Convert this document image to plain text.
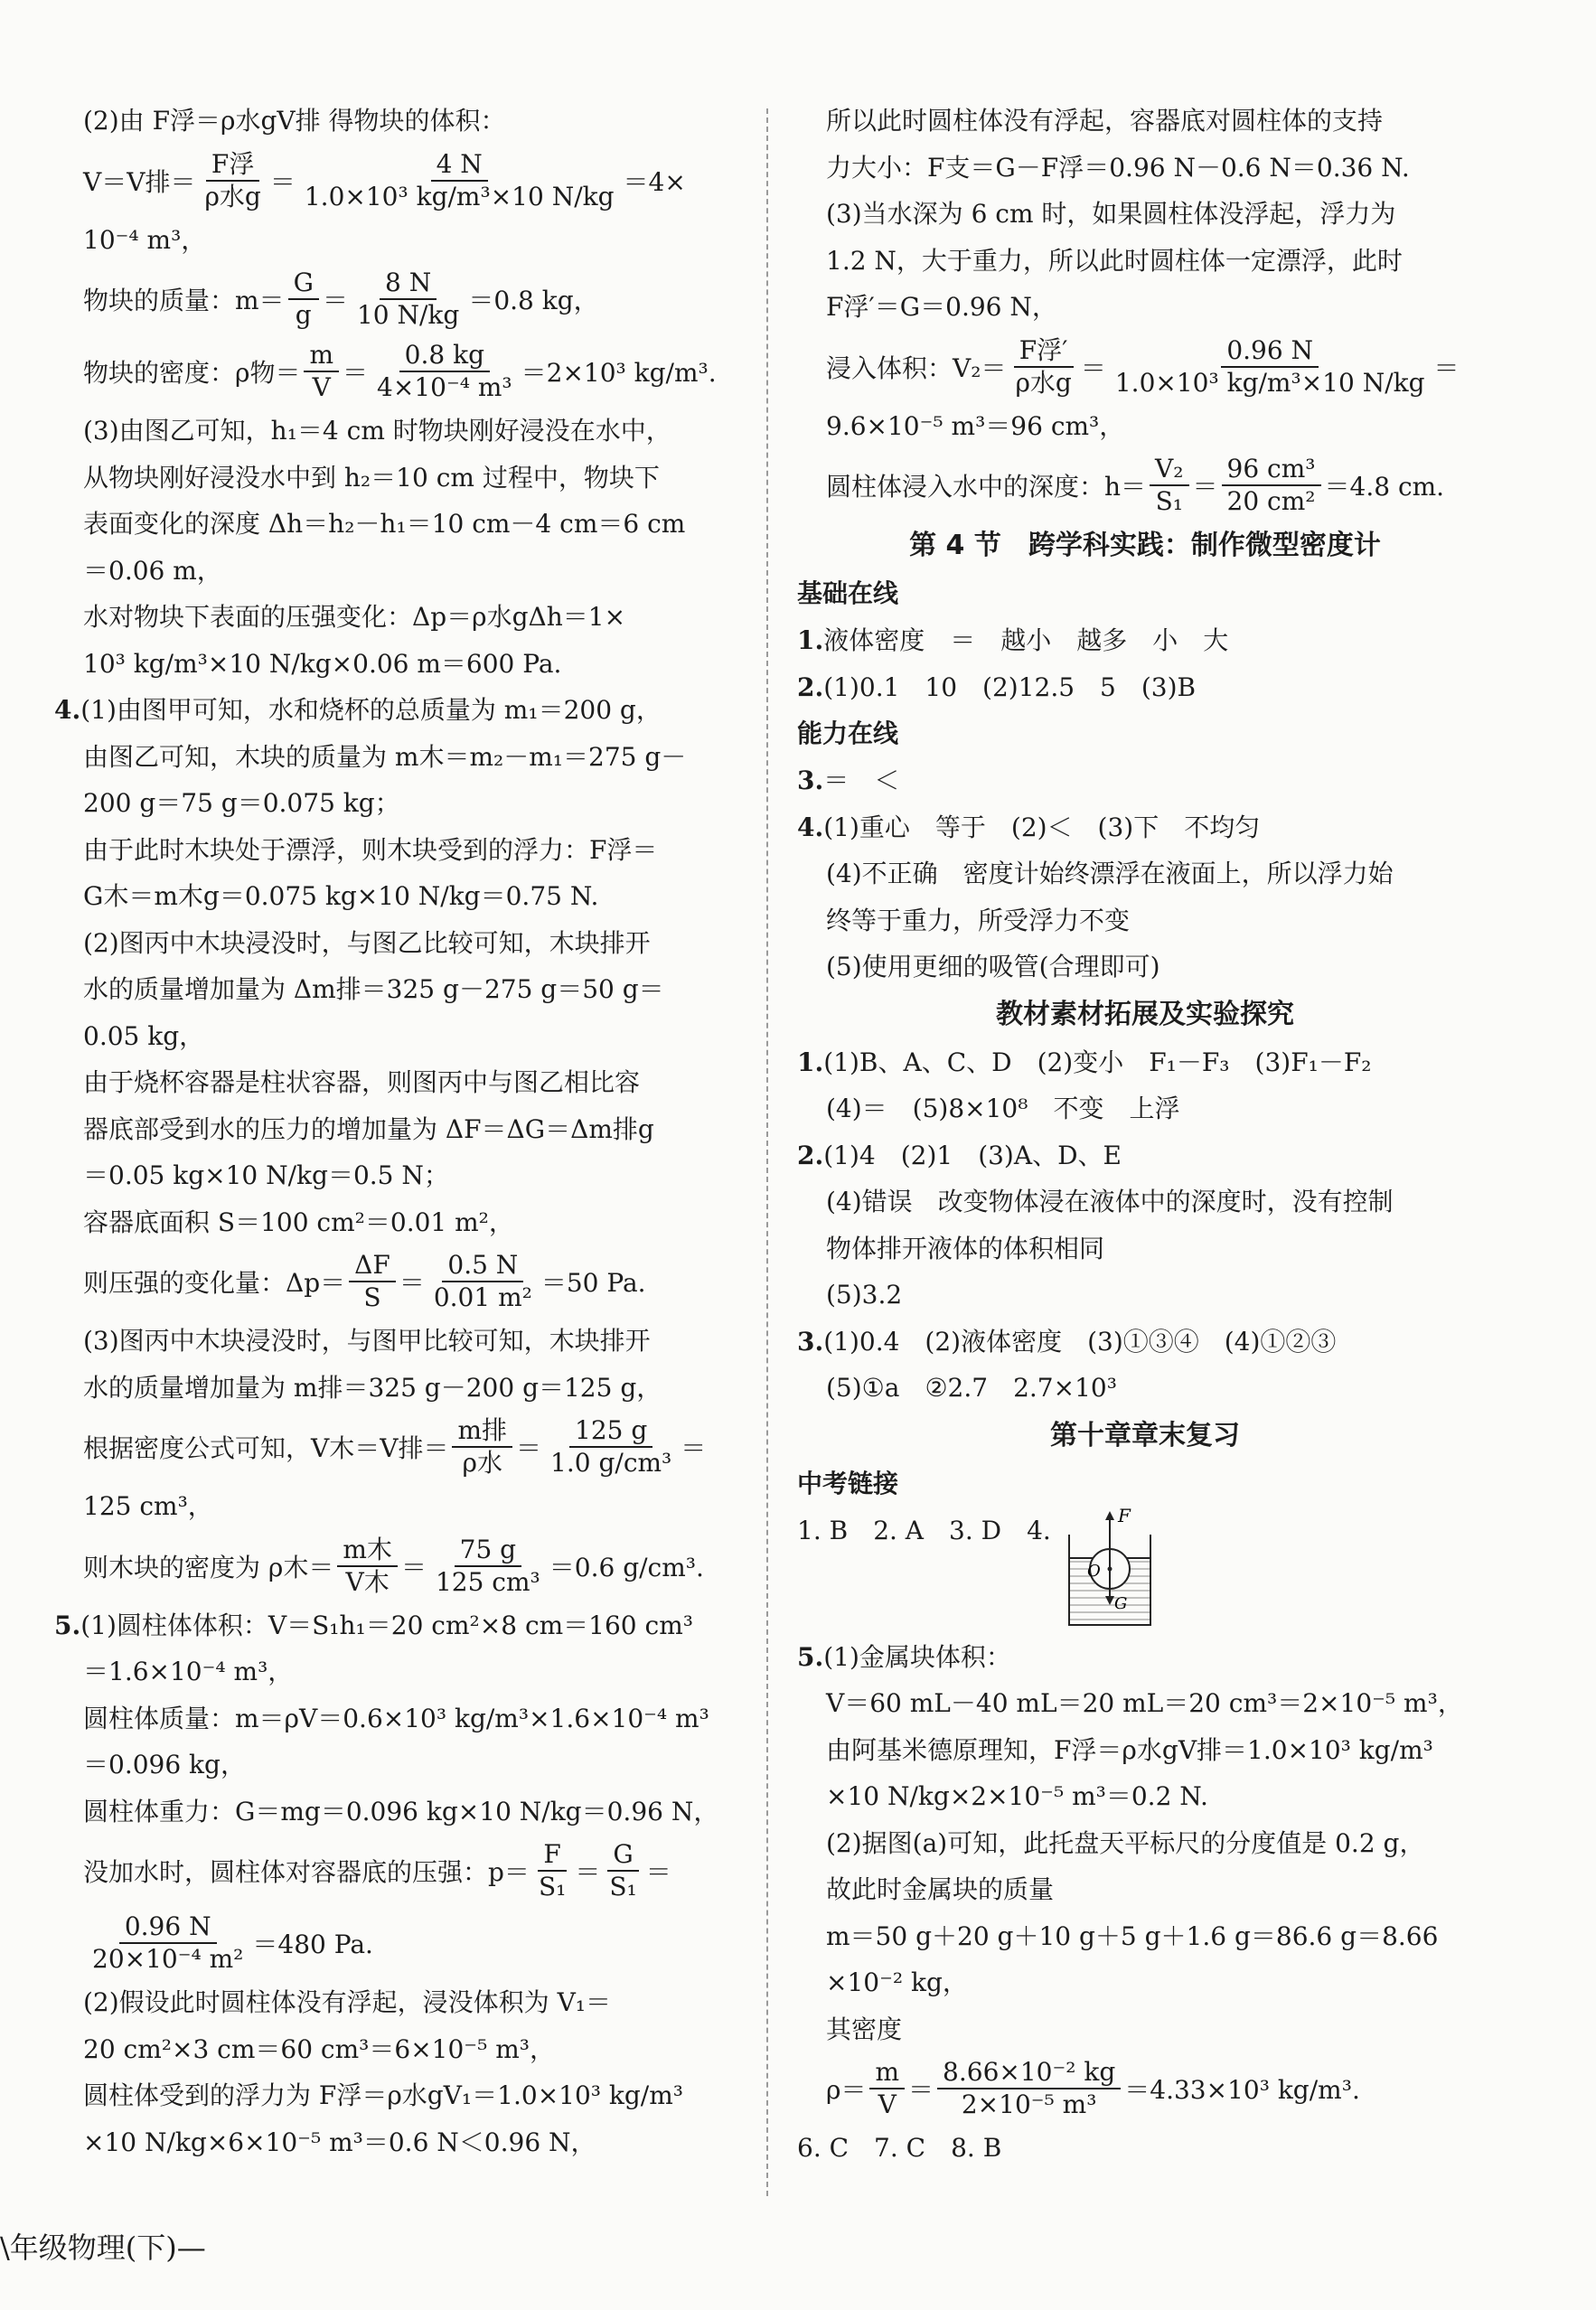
(2)由 F浮＝ρ水gV排 得物块的体积：
V＝V排＝ $\frac{\text{F浮}}{\text{ρ水g}} = \frac{4 N}{\text{1.0×10³ kg/m³×10 N/kg}} =4\times$
10⁻⁴ m³，
物块的质量：$m= \frac{G}{g} = \frac{8 N}{10 N/kg} =0.8$ kg，
物块的密度：ρ物＝ $\frac{m}{V} = \frac{0.8 kg}{\text{4×10⁻⁴ m³}} =2\times 10^3$ kg/m³.
(3)由图乙可知，h₁＝4 cm 时物块刚好浸没在水中，
从物块刚好浸没水中到 h₂＝10 cm 过程中，物块下
表面变化的深度 Δh＝h₂－h₁＝10 cm－4 cm＝6 cm
＝0.06 m，
水对物块下表面的压强变化：Δp＝ρ水gΔh＝1×
10³ kg/m³×10 N/kg×0.06 m＝600 Pa.
4.(1)由图甲可知，水和烧杯的总质量为 m₁＝200 g，
由图乙可知，木块的质量为 m木＝m₂－m₁＝275 g－
200 g＝75 g＝0.075 kg；
由于此时木块处于漂浮，则木块受到的浮力：F浮＝
G木＝m木g＝0.075 kg×10 N/kg＝0.75 N.
(2)图丙中木块浸没时，与图乙比较可知，木块排开
水的质量增加量为 Δm排＝325 g－275 g＝50 g＝
0.05 kg，
由于烧杯容器是柱状容器，则图丙中与图乙相比容
器底部受到水的压力的增加量为 ΔF＝ΔG＝Δm排g
＝0.05 kg×10 N/kg＝0.5 N；
容器底面积 S＝100 cm²＝0.01 m²，
则压强的变化量：$\Delta p= \frac{\Delta F}{S} = \frac{0.5 N}{\text{0.01 m²}} =50$ Pa.
(3)图丙中木块浸没时，与图甲比较可知，木块排开
水的质量增加量为 m排＝325 g－200 g＝125 g，
根据密度公式可知，V木＝V排＝ $\frac{\text{m排}}{\text{ρ水}} = \frac{125 g}{\text{1.0 g/cm³}}$ ＝
125 cm³，
则木块的密度为 ρ木＝ $\frac{\text{m木}}{\text{V木}} = \frac{75 g}{\text{125 cm³}} =0.6$ g/cm³.
5.(1)圆柱体体积：V＝S₁h₁＝20 cm²×8 cm＝160 cm³
＝1.6×10⁻⁴ m³，
圆柱体质量：m＝ρV＝0.6×10³ kg/m³×1.6×10⁻⁴ m³
＝0.096 kg，
圆柱体重力：G＝mg＝0.096 kg×10 N/kg＝0.96 N，
没加水时，圆柱体对容器底的压强：$p= \frac{F}{\text{S₁}} = \frac{G}{\text{S₁}}$ ＝
$\frac{0.96 N}{\text{20×10⁻⁴ m²}} =480$ Pa.
(2)假设此时圆柱体没有浮起，浸没体积为 V₁＝
20 cm²×3 cm＝60 cm³＝6×10⁻⁵ m³，
圆柱体受到的浮力为 F浮＝ρ水gV₁＝1.0×10³ kg/m³
×10 N/kg×6×10⁻⁵ m³＝0.6 N＜0.96 N，
所以此时圆柱体没有浮起，容器底对圆柱体的支持
力大小：F支＝G－F浮＝0.96 N－0.6 N＝0.36 N.
(3)当水深为 6 cm 时，如果圆柱体没浮起，浮力为
1.2 N，大于重力，所以此时圆柱体一定漂浮，此时
F浮′＝G＝0.96 N，
浸入体积：$V_2= \frac{\text{F浮′}}{\text{ρ水g}} = \frac{0.96 N}{\text{1.0×10³ kg/m³×10 N/kg}}$ ＝
9.6×10⁻⁵ m³＝96 cm³，
圆柱体浸入水中的深度：$h= \frac{\text{V₂}}{\text{S₁}} = \frac{\text{96 cm³}}{\text{20 cm²}} =4.8$ cm.
第 4 节　跨学科实践：制作微型密度计
基础在线
1.液体密度　＝　越小　越多　小　大
2.(1)0.1　10　(2)12.5　5　(3)B
能力在线
3.＝　＜
4.(1)重心　等于　(2)＜　(3)下　不均匀
(4)不正确　密度计始终漂浮在液面上，所以浮力始
终等于重力，所受浮力不变
(5)使用更细的吸管(合理即可)
教材素材拓展及实验探究
1.(1)B、A、C、D　(2)变小　F₁－F₃　(3)F₁－F₂
(4)＝　(5)8×10⁸　不变　上浮
2.(1)4　(2)1　(3)A、D、E
(4)错误　改变物体浸在液体中的深度时，没有控制
物体排开液体的体积相同
(5)3.2
3.(1)0.4　(2)液体密度　(3)①③④　(4)①②③
(5)①a　②2.7　2.7×10³
第十章章末复习
中考链接
1. B　2. A　3. D　4.	F
O
G
5.(1)金属块体积：
V＝60 mL－40 mL＝20 mL＝20 cm³＝2×10⁻⁵ m³，
由阿基米德原理知，F浮＝ρ水gV排＝1.0×10³ kg/m³
×10 N/kg×2×10⁻⁵ m³＝0.2 N.
(2)据图(a)可知，此托盘天平标尺的分度值是 0.2 g，
故此时金属块的质量
m＝50 g＋20 g＋10 g＋5 g＋1.6 g＝86.6 g＝8.66
×10⁻² kg，
其密度
$\rho= \frac{m}{V} = \frac{\text{8.66×10⁻² kg}}{\text{2×10⁻⁵ m³}} =4.33\times 10^3$ kg/m³.
6. C　7. C　8. B
\年级物理(下)—
